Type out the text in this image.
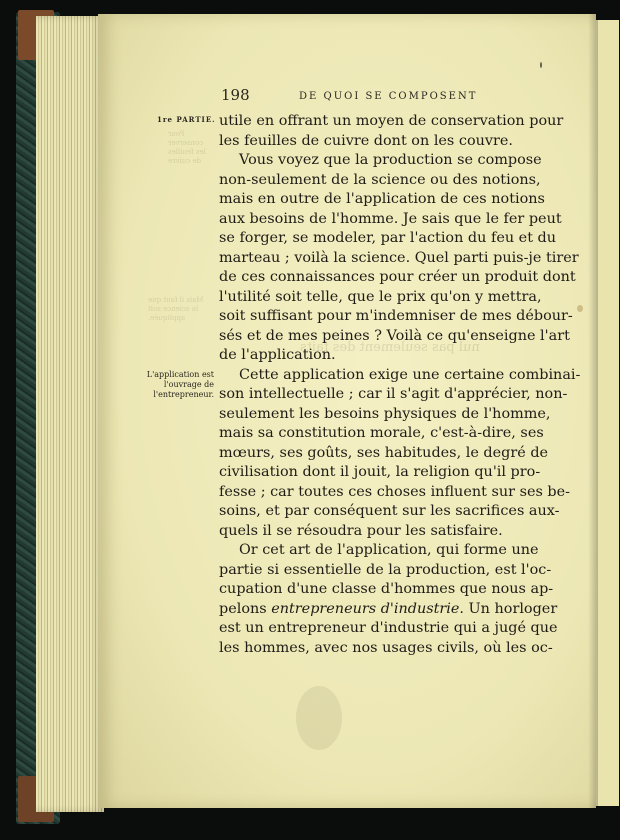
Pour conserver les feuilles de cuivre
Mais il faut que la science soit appliquée.
nul pas seulement des faits
198	DE QUOI SE COMPOSENT
1re PARTIE.
L'application est l'ouvrage de l'entrepreneur.
utile en offrant un moyen de conservation pour
les feuilles de cuivre dont on les couvre.
Vous voyez que la production se compose
non-seulement de la science ou des notions,
mais en outre de l'application de ces notions
aux besoins de l'homme. Je sais que le fer peut
se forger, se modeler, par l'action du feu et du
marteau ; voilà la science. Quel parti puis-je tirer
de ces connaissances pour créer un produit dont
l'utilité soit telle, que le prix qu'on y mettra,
soit suffisant pour m'indemniser de mes débour-
sés et de mes peines ? Voilà ce qu'enseigne l'art
de l'application.
Cette application exige une certaine combinai-
son intellectuelle ; car il s'agit d'apprécier, non-
seulement les besoins physiques de l'homme,
mais sa constitution morale, c'est-à-dire, ses
mœurs, ses goûts, ses habitudes, le degré de
civilisation dont il jouit, la religion qu'il pro-
fesse ; car toutes ces choses influent sur ses be-
soins, et par conséquent sur les sacrifices aux-
quels il se résoudra pour les satisfaire.
Or cet art de l'application, qui forme une
partie si essentielle de la production, est l'oc-
cupation d'une classe d'hommes que nous ap-
pelons entrepreneurs d'industrie. Un horloger
est un entrepreneur d'industrie qui a jugé que
les hommes, avec nos usages civils, où les oc-
